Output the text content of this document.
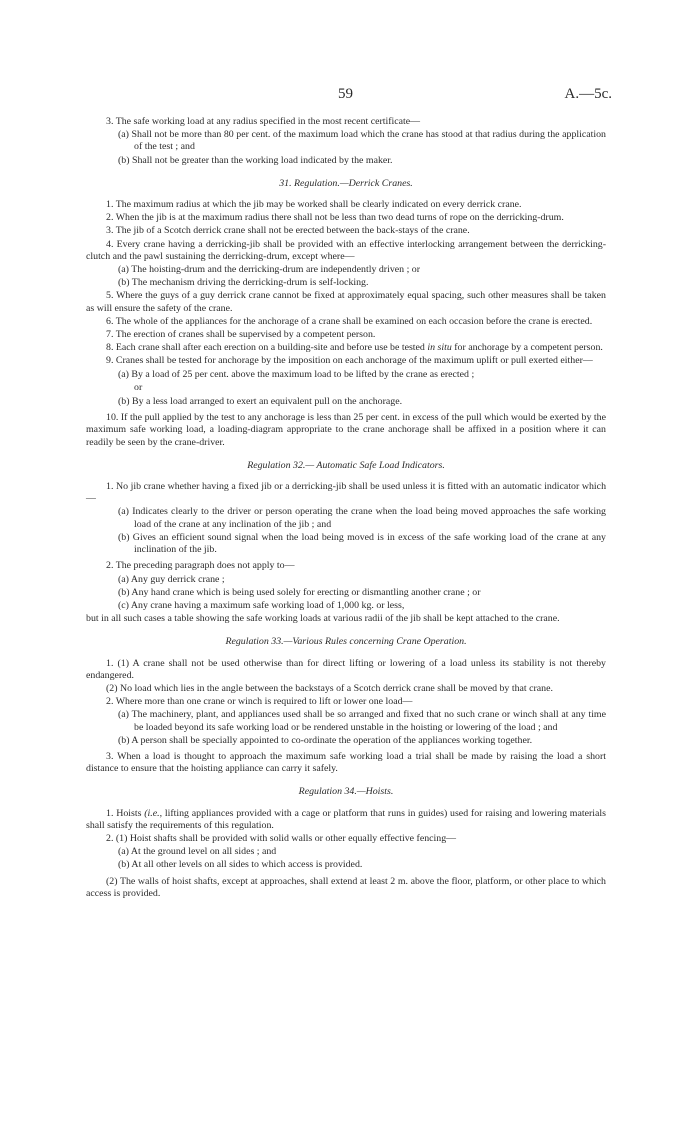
59	A.—5c.

3. The safe working load at any radius specified in the most recent certificate—

(a) Shall not be more than 80 per cent. of the maximum load which the crane has stood at that radius during the application of the test ; and

(b) Shall not be greater than the working load indicated by the maker.

31. Regulation.—Derrick Cranes.

1. The maximum radius at which the jib may be worked shall be clearly indicated on every derrick crane.

2. When the jib is at the maximum radius there shall not be less than two dead turns of rope on the derricking-drum.

3. The jib of a Scotch derrick crane shall not be erected between the back-stays of the crane.

4. Every crane having a derricking-jib shall be provided with an effective interlocking arrangement between the derricking-clutch and the pawl sustaining the derricking-drum, except where—

(a) The hoisting-drum and the derricking-drum are independently driven ; or

(b) The mechanism driving the derricking-drum is self-locking.

5. Where the guys of a guy derrick crane cannot be fixed at approximately equal spacing, such other measures shall be taken as will ensure the safety of the crane.

6. The whole of the appliances for the anchorage of a crane shall be examined on each occasion before the crane is erected.

7. The erection of cranes shall be supervised by a competent person.

8. Each crane shall after each erection on a building-site and before use be tested in situ for anchorage by a competent person.

9. Cranes shall be tested for anchorage by the imposition on each anchorage of the maximum uplift or pull exerted either—

(a) By a load of 25 per cent. above the maximum load to be lifted by the crane as erected ;

or

(b) By a less load arranged to exert an equivalent pull on the anchorage.

10. If the pull applied by the test to any anchorage is less than 25 per cent. in excess of the pull which would be exerted by the maximum safe working load, a loading-diagram appropriate to the crane anchorage shall be affixed in a position where it can readily be seen by the crane-driver.

Regulation 32.— Automatic Safe Load Indicators.

1. No jib crane whether having a fixed jib or a derricking-jib shall be used unless it is fitted with an automatic indicator which—

(a) Indicates clearly to the driver or person operating the crane when the load being moved approaches the safe working load of the crane at any inclination of the jib ; and

(b) Gives an efficient sound signal when the load being moved is in excess of the safe working load of the crane at any inclination of the jib.

2. The preceding paragraph does not apply to—

(a) Any guy derrick crane ;

(b) Any hand crane which is being used solely for erecting or dismantling another crane ; or

(c) Any crane having a maximum safe working load of 1,000 kg. or less,

but in all such cases a table showing the safe working loads at various radii of the jib shall be kept attached to the crane.

Regulation 33.—Various Rules concerning Crane Operation.

1. (1) A crane shall not be used otherwise than for direct lifting or lowering of a load unless its stability is not thereby endangered.

(2) No load which lies in the angle between the backstays of a Scotch derrick crane shall be moved by that crane.

2. Where more than one crane or winch is required to lift or lower one load—

(a) The machinery, plant, and appliances used shall be so arranged and fixed that no such crane or winch shall at any time be loaded beyond its safe working load or be rendered unstable in the hoisting or lowering of the load ; and

(b) A person shall be specially appointed to co-ordinate the operation of the appliances working together.

3. When a load is thought to approach the maximum safe working load a trial shall be made by raising the load a short distance to ensure that the hoisting appliance can carry it safely.

Regulation 34.—Hoists.

1. Hoists (i.e., lifting appliances provided with a cage or platform that runs in guides) used for raising and lowering materials shall satisfy the requirements of this regulation.

2. (1) Hoist shafts shall be provided with solid walls or other equally effective fencing—

(a) At the ground level on all sides ; and

(b) At all other levels on all sides to which access is provided.

(2) The walls of hoist shafts, except at approaches, shall extend at least 2 m. above the floor, platform, or other place to which access is provided.
